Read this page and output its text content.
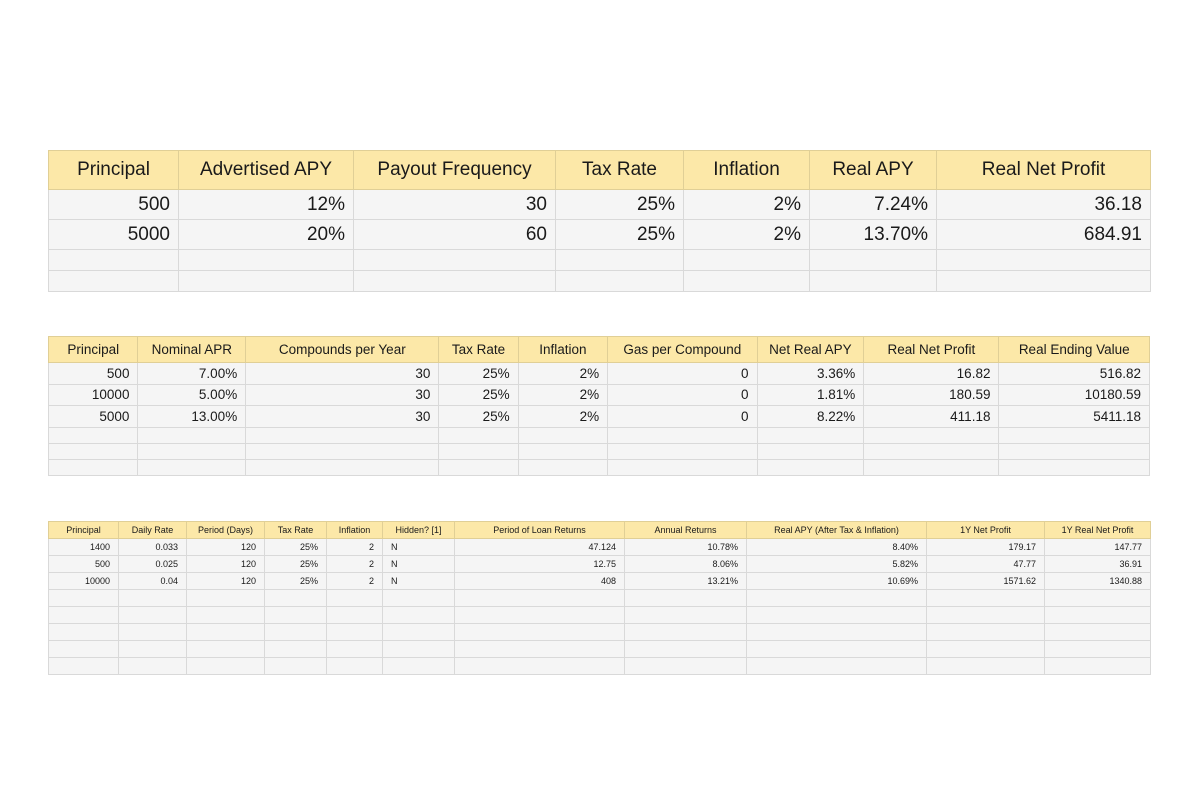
Principal	Advertised APY	Payout Frequency	Tax Rate	Inflation	Real APY	Real Net Profit
500	12%	30	25%	2%	7.24%	36.18
5000	20%	60	25%	2%	13.70%	684.91

Principal	Nominal APR	Compounds per Year	Tax Rate	Inflation	Gas per Compound	Net Real APY	Real Net Profit	Real Ending Value
500	7.00%	30	25%	2%	0	3.36%	16.82	516.82
10000	5.00%	30	25%	2%	0	1.81%	180.59	10180.59
5000	13.00%	30	25%	2%	0	8.22%	411.18	5411.18

Principal	Daily Rate	Period (Days)	Tax Rate	Inflation	Hidden? [1]	Period of Loan Returns	Annual Returns	Real APY (After Tax & Inflation)	1Y Net Profit	1Y Real Net Profit
1400	0.033	120	25%	2	N	47.124	10.78%	8.40%	179.17	147.77
500	0.025	120	25%	2	N	12.75	8.06%	5.82%	47.77	36.91
10000	0.04	120	25%	2	N	408	13.21%	10.69%	1571.62	1340.88
